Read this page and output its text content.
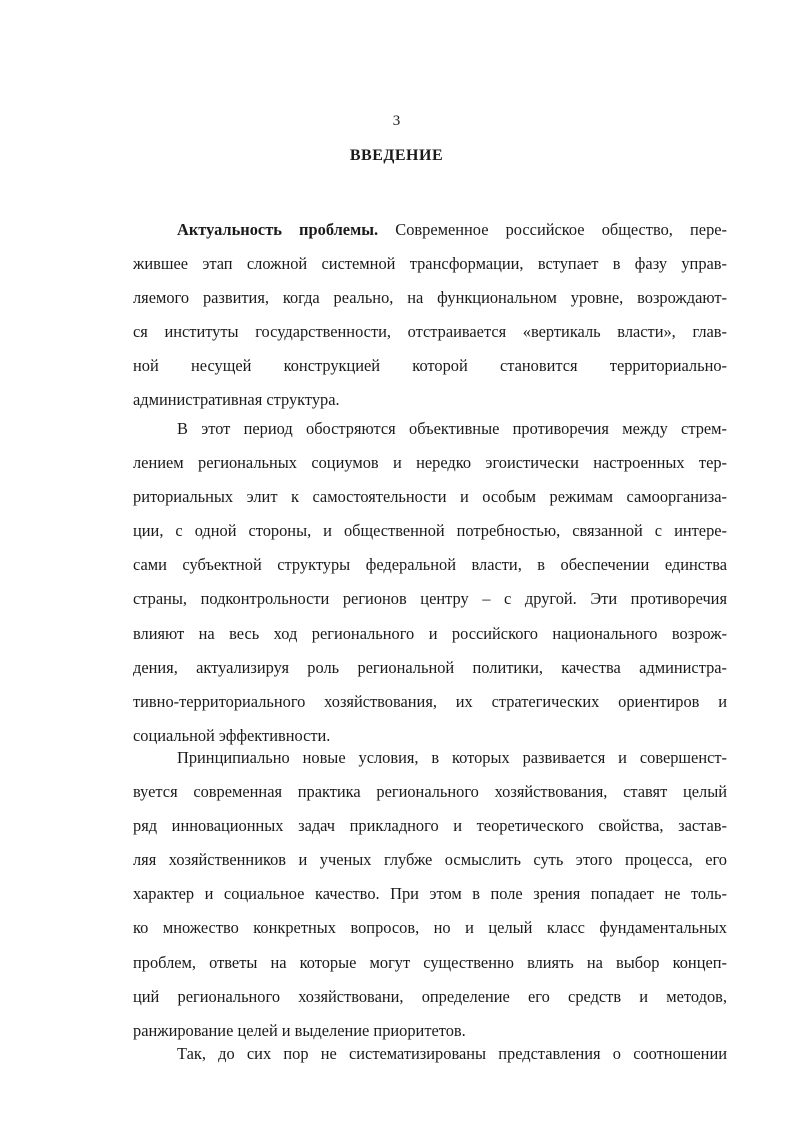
3
ВВЕДЕНИЕ
Актуальность проблемы. Современное российское общество, пере-
жившее этап сложной системной трансформации, вступает в фазу управ-
ляемого развития, когда реально, на функциональном уровне, возрождают-
ся институты государственности, отстраивается «вертикаль власти», глав-
ной несущей конструкцией которой становится территориально-
административная структура.
В этот период обостряются объективные противоречия между стрем-
лением региональных социумов и нередко эгоистически настроенных тер-
риториальных элит к самостоятельности и особым режимам самоорганиза-
ции, с одной стороны, и общественной потребностью, связанной с интере-
сами субъектной структуры федеральной власти, в обеспечении единства
страны, подконтрольности регионов центру – с другой. Эти противоречия
влияют на весь ход регионального и российского национального возрож-
дения, актуализируя роль региональной политики, качества администра-
тивно-территориального хозяйствования, их стратегических ориентиров и
социальной эффективности.
Принципиально новые условия, в которых развивается и совершенст-
вуется современная практика регионального хозяйствования, ставят целый
ряд инновационных задач прикладного и теоретического свойства, застав-
ляя хозяйственников и ученых глубже осмыслить суть этого процесса, его
характер и социальное качество. При этом в поле зрения попадает не толь-
ко множество конкретных вопросов, но и целый класс фундаментальных
проблем, ответы на которые могут существенно влиять на выбор концеп-
ций регионального хозяйствовани, определение его средств и методов,
ранжирование целей и выделение приоритетов.
Так, до сих пор не систематизированы представления о соотношении
